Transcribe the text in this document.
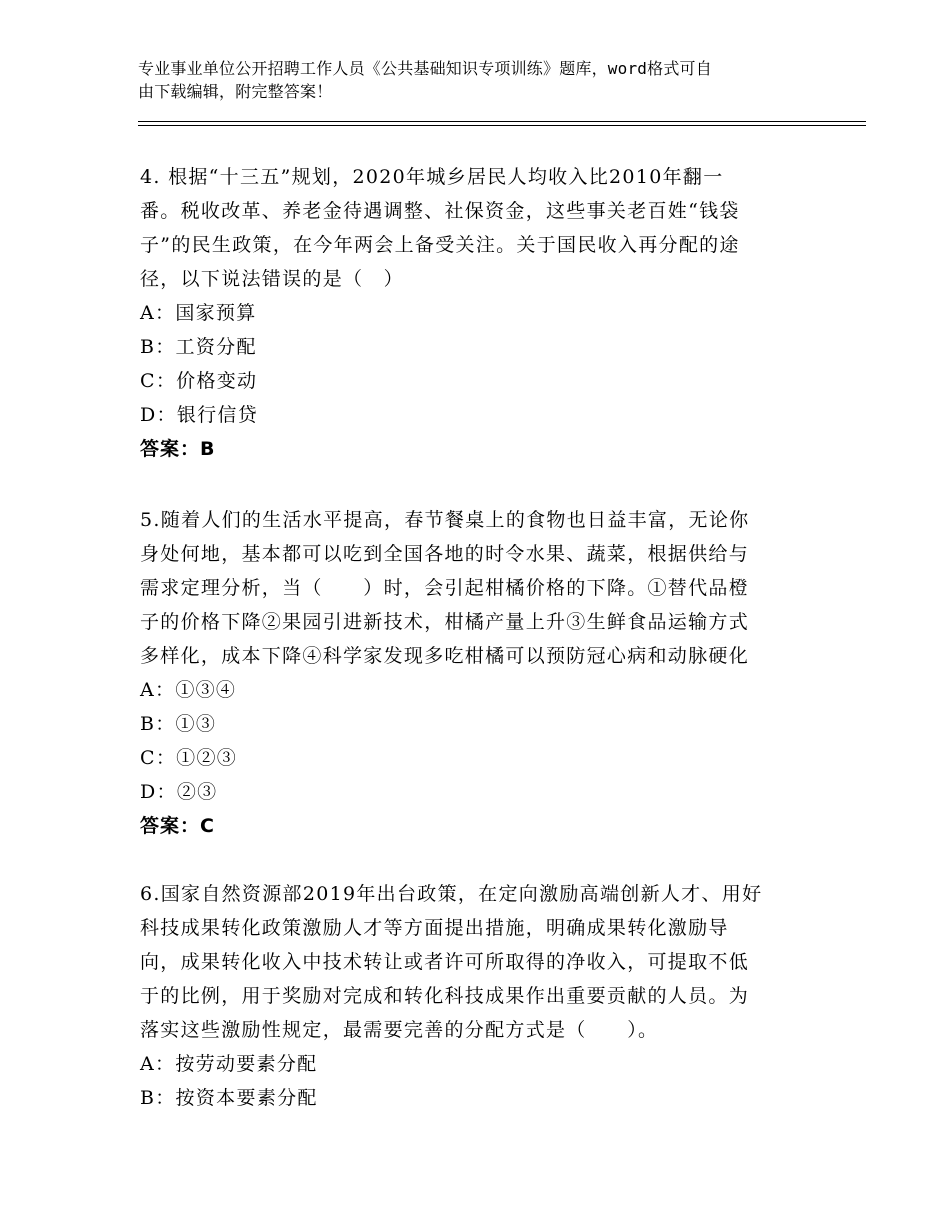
专业事业单位公开招聘工作人员《公共基础知识专项训练》题库，word格式可自
由下载编辑，附完整答案！

4. 根据“十三五”规划，2020年城乡居民人均收入比2010年翻一
番。税收改革、养老金待遇调整、社保资金，这些事关老百姓“钱袋
子”的民生政策，在今年两会上备受关注。关于国民收入再分配的途
径，以下说法错误的是（　）

A：国家预算
B：工资分配
C：价格变动
D：银行信贷
答案：B

5.随着人们的生活水平提高，春节餐桌上的食物也日益丰富，无论你
身处何地，基本都可以吃到全国各地的时令水果、蔬菜，根据供给与
需求定理分析，当（　　）时，会引起柑橘价格的下降。①替代品橙
子的价格下降②果园引进新技术，柑橘产量上升③生鲜食品运输方式
多样化，成本下降④科学家发现多吃柑橘可以预防冠心病和动脉硬化

A：①③④
B：①③
C：①②③
D：②③
答案：C

6.国家自然资源部2019年出台政策，在定向激励高端创新人才、用好
科技成果转化政策激励人才等方面提出措施，明确成果转化激励导
向，成果转化收入中技术转让或者许可所取得的净收入，可提取不低
于的比例，用于奖励对完成和转化科技成果作出重要贡献的人员。为
落实这些激励性规定，最需要完善的分配方式是（　　）。

A：按劳动要素分配
B：按资本要素分配
